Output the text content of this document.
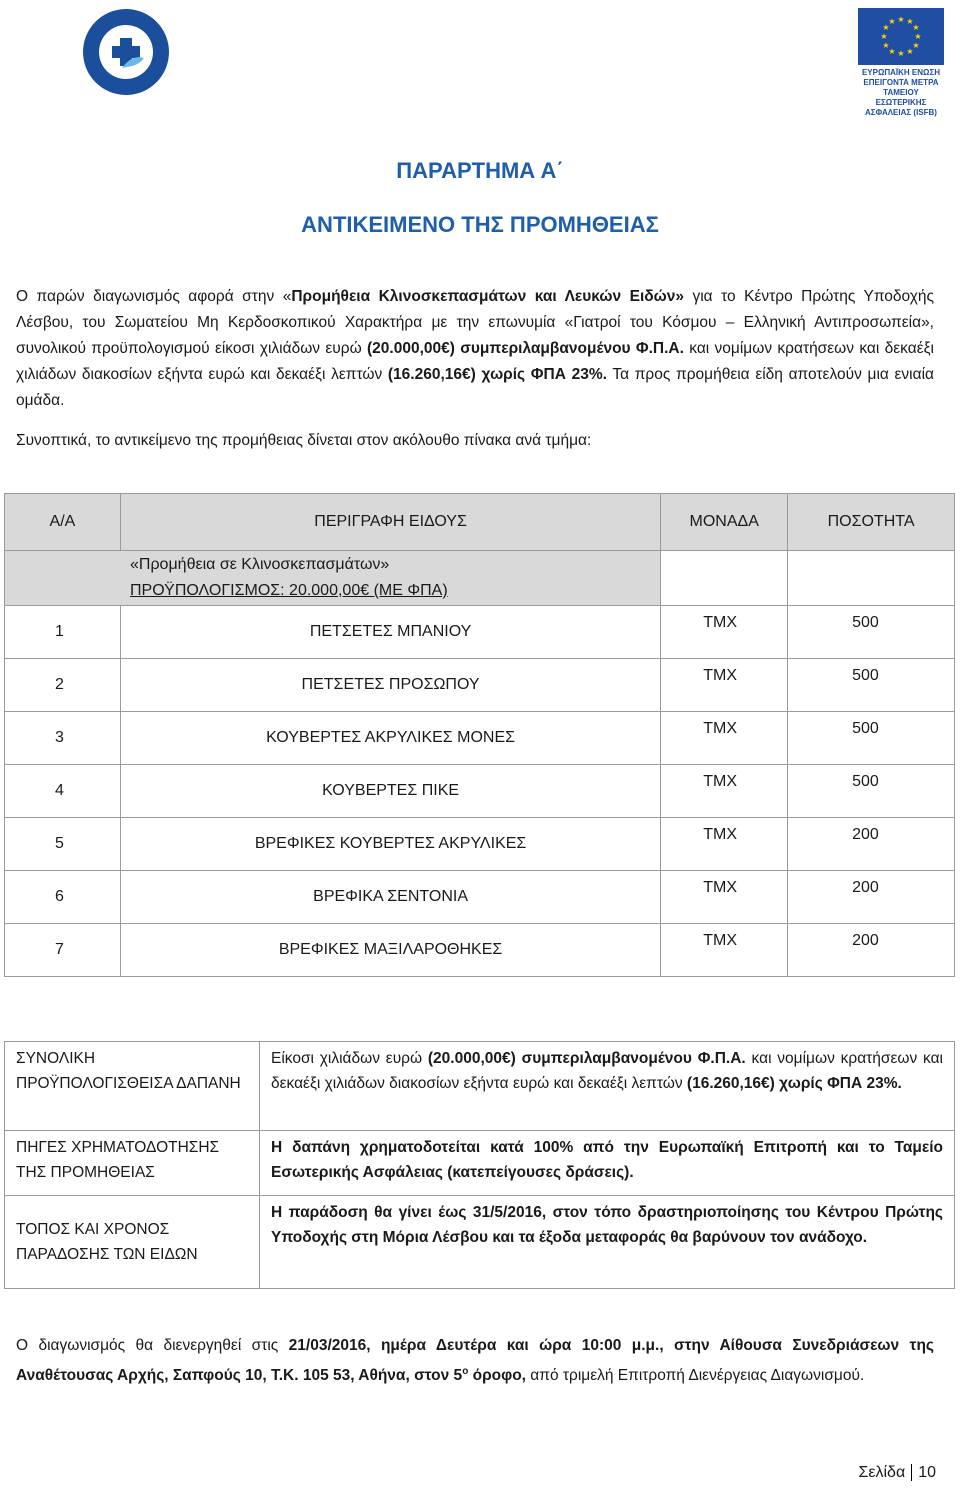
★ ★
★
★
★
★
★
★
★
★
★
★
ΕΥΡΩΠΑΪΚΗ ΕΝΩΣΗ
ΕΠΕΙΓΟΝΤΑ ΜΕΤΡΑ
ΤΑΜΕΙΟΥ ΕΣΩΤΕΡΙΚΗΣ
ΑΣΦΑΛΕΙΑΣ (ISFB)
ΠΑΡΑΡΤΗΜΑ Α΄
ΑΝΤΙΚΕΙΜΕΝΟ ΤΗΣ ΠΡΟΜΗΘΕΙΑΣ
Ο παρών διαγωνισμός αφορά στην «Προμήθεια Κλινοσκεπασμάτων και Λευκών Ειδών» για το Κέντρο Πρώτης Υποδοχής Λέσβου, του Σωματείου Μη Κερδοσκοπικού Χαρακτήρα με την επωνυμία «Γιατροί του Κόσμου – Ελληνική Αντιπροσωπεία», συνολικού προϋπολογισμού είκοσι χιλιάδων ευρώ (20.000,00€) συμπεριλαμβανομένου Φ.Π.Α. και νομίμων κρατήσεων και δεκαέξι χιλιάδων διακοσίων εξήντα ευρώ και δεκαέξι λεπτών (16.260,16€) χωρίς ΦΠΑ 23%. Τα προς προμήθεια είδη αποτελούν μια ενιαία ομάδα.
Συνοπτικά, το αντικείμενο της προμήθειας δίνεται στον ακόλουθο πίνακα ανά τμήμα:
Α/Α	ΠΕΡΙΓΡΑΦΗ ΕΙΔΟΥΣ	ΜΟΝΑΔΑ	ΠΟΣΟΤΗΤΑ

«Προμήθεια σε Κλινοσκεπασμάτων»
ΠΡΟΫΠΟΛΟΓΙΣΜΟΣ: 20.000,00€ (ΜΕ ΦΠΑ)			

1	ΠΕΤΣΕΤΕΣ ΜΠΑΝΙΟΥ	ΤΜΧ	500
2	ΠΕΤΣΕΤΕΣ ΠΡΟΣΩΠΟΥ	ΤΜΧ	500
3	ΚΟΥΒΕΡΤΕΣ ΑΚΡΥΛΙΚΕΣ ΜΟΝΕΣ	ΤΜΧ	500
4	ΚΟΥΒΕΡΤΕΣ ΠΙΚΕ	ΤΜΧ	500
5	ΒΡΕΦΙΚΕΣ ΚΟΥΒΕΡΤΕΣ ΑΚΡΥΛΙΚΕΣ	ΤΜΧ	200
6	ΒΡΕΦΙΚΑ ΣΕΝΤΟΝΙΑ	ΤΜΧ	200
7	ΒΡΕΦΙΚΕΣ ΜΑΞΙΛΑΡΟΘΗΚΕΣ	ΤΜΧ	200
ΣΥΝΟΛΙΚΗ ΠΡΟΫΠΟΛΟΓΙΣΘΕΙΣΑ ΔΑΠΑΝΗ	Είκοσι χιλιάδων ευρώ (20.000,00€) συμπεριλαμβανομένου Φ.Π.Α. και νομίμων κρατήσεων και δεκαέξι χιλιάδων διακοσίων εξήντα ευρώ και δεκαέξι λεπτών (16.260,16€) χωρίς ΦΠΑ 23%.
ΠΗΓΕΣ ΧΡΗΜΑΤΟΔΟΤΗΣΗΣ ΤΗΣ ΠΡΟΜΗΘΕΙΑΣ	Η δαπάνη χρηματοδοτείται κατά 100% από την Ευρωπαϊκή Επιτροπή και το Ταμείο Εσωτερικής Ασφάλειας (κατεπείγουσες δράσεις).
ΤΟΠΟΣ ΚΑΙ ΧΡΟΝΟΣ ΠΑΡΑΔΟΣΗΣ ΤΩΝ ΕΙΔΩΝ	Η παράδοση θα γίνει έως 31/5/2016, στον τόπο δραστηριοποίησης του Κέντρου Πρώτης Υποδοχής στη Μόρια Λέσβου και τα έξοδα μεταφοράς θα βαρύνουν τον ανάδοχο.
Ο διαγωνισμός θα διενεργηθεί στις 21/03/2016, ημέρα Δευτέρα και ώρα 10:00 μ.μ., στην Αίθουσα Συνεδριάσεων της Αναθέτουσας Αρχής, Σαπφούς 10, Τ.Κ. 105 53, Αθήνα, στον $5^o$ όροφο, από τριμελή Επιτροπή Διενέργειας Διαγωνισμού.
Σελίδα 10
